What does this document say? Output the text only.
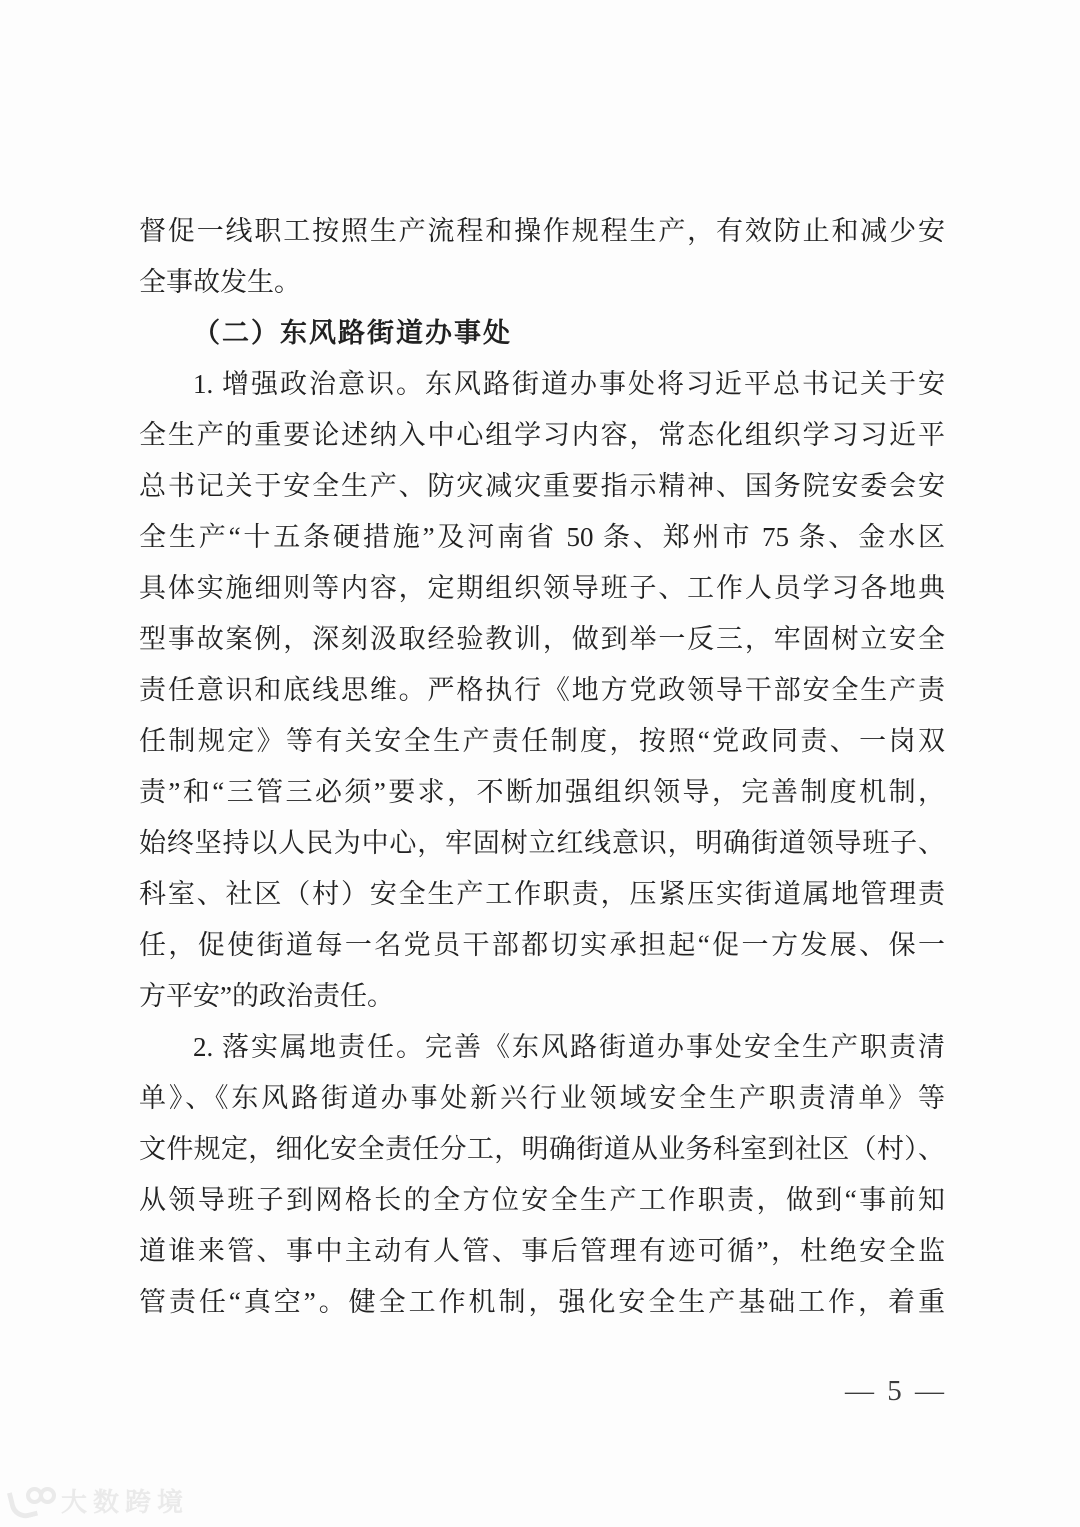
督促一线职工按照生产流程和操作规程生产，有效防止和减少安
全事故发生。
（二）东风路街道办事处
1. 增强政治意识。东风路街道办事处将习近平总书记关于安
全生产的重要论述纳入中心组学习内容，常态化组织学习习近平
总书记关于安全生产、防灾减灾重要指示精神、国务院安委会安
全生产“十五条硬措施”及河南省 50 条、郑州市 75 条、金水区
具体实施细则等内容，定期组织领导班子、工作人员学习各地典
型事故案例，深刻汲取经验教训，做到举一反三，牢固树立安全
责任意识和底线思维。严格执行《地方党政领导干部安全生产责
任制规定》等有关安全生产责任制度，按照“党政同责、一岗双
责”和“三管三必须”要求，不断加强组织领导，完善制度机制，
始终坚持以人民为中心，牢固树立红线意识，明确街道领导班子、
科室、社区（村）安全生产工作职责，压紧压实街道属地管理责
任，促使街道每一名党员干部都切实承担起“促一方发展、保一
方平安”的政治责任。
2. 落实属地责任。完善《东风路街道办事处安全生产职责清
单》、《东风路街道办事处新兴行业领域安全生产职责清单》等
文件规定，细化安全责任分工，明确街道从业务科室到社区（村）、
从领导班子到网格长的全方位安全生产工作职责，做到“事前知
道谁来管、事中主动有人管、事后管理有迹可循”，杜绝安全监
管责任“真空”。健全工作机制，强化安全生产基础工作，着重
— 5 —
大数跨境
